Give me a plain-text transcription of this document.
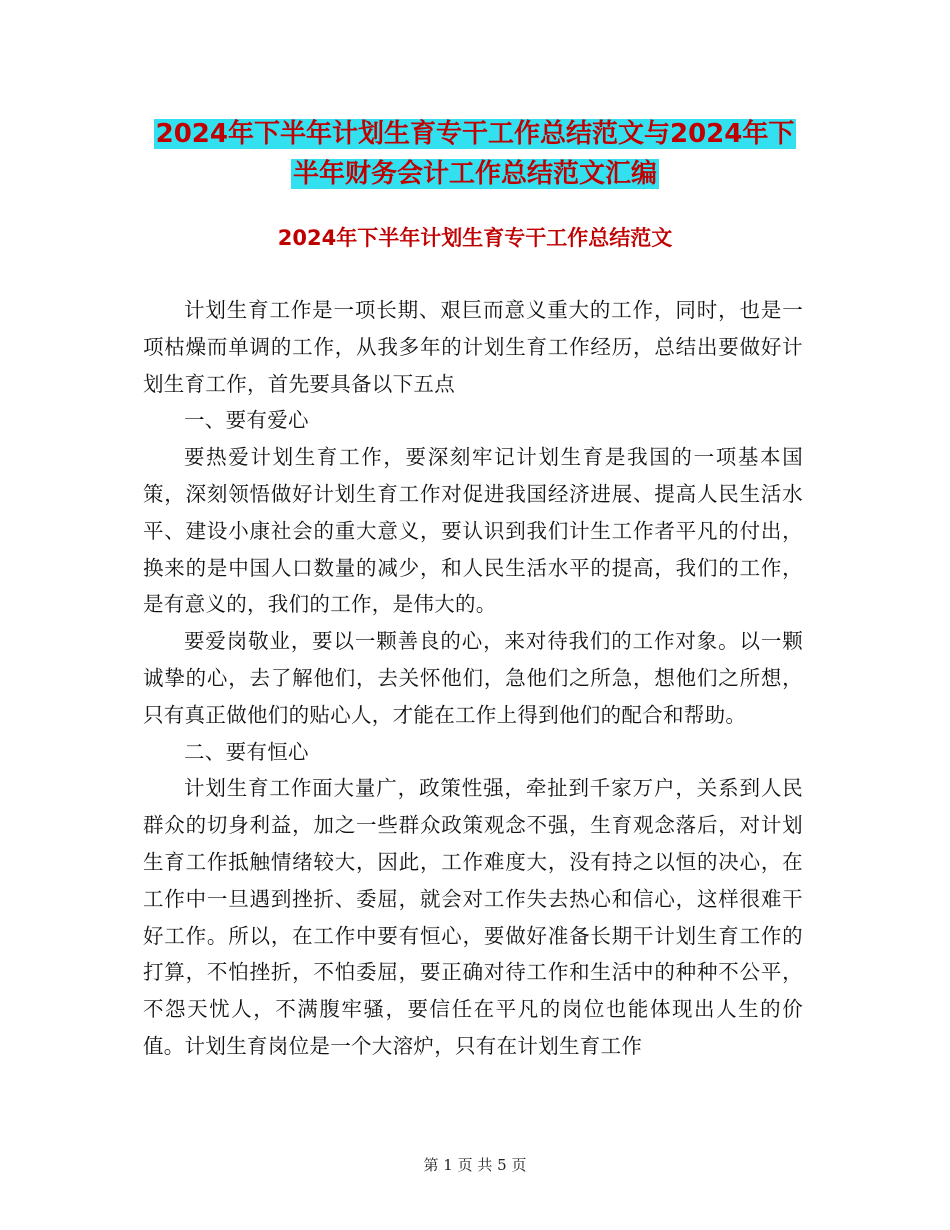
2024年下半年计划生育专干工作总结范文与2024年下
半年财务会计工作总结范文汇编
2024年下半年计划生育专干工作总结范文

计划生育工作是一项长期、艰巨而意义重大的工作，同时，也是一项枯燥而单调的工作，从我多年的计划生育工作经历，总结出要做好计划生育工作，首先要具备以下五点

一、要有爱心

要热爱计划生育工作，要深刻牢记计划生育是我国的一项基本国策，深刻领悟做好计划生育工作对促进我国经济进展、提高人民生活水平、建设小康社会的重大意义，要认识到我们计生工作者平凡的付出，换来的是中国人口数量的减少，和人民生活水平的提高，我们的工作，是有意义的，我们的工作，是伟大的。

要爱岗敬业，要以一颗善良的心，来对待我们的工作对象。以一颗诚挚的心，去了解他们，去关怀他们，急他们之所急，想他们之所想，只有真正做他们的贴心人，才能在工作上得到他们的配合和帮助。

二、要有恒心

计划生育工作面大量广，政策性强，牵扯到千家万户，关系到人民群众的切身利益，加之一些群众政策观念不强，生育观念落后，对计划生育工作抵触情绪较大，因此，工作难度大，没有持之以恒的决心，在工作中一旦遇到挫折、委屈，就会对工作失去热心和信心，这样很难干好工作。所以，在工作中要有恒心，要做好准备长期干计划生育工作的打算，不怕挫折，不怕委屈，要正确对待工作和生活中的种种不公平，不怨天忧人，不满腹牢骚，要信任在平凡的岗位也能体现出人生的价值。计划生育岗位是一个大溶炉，只有在计划生育工作

第 1 页 共 5 页
